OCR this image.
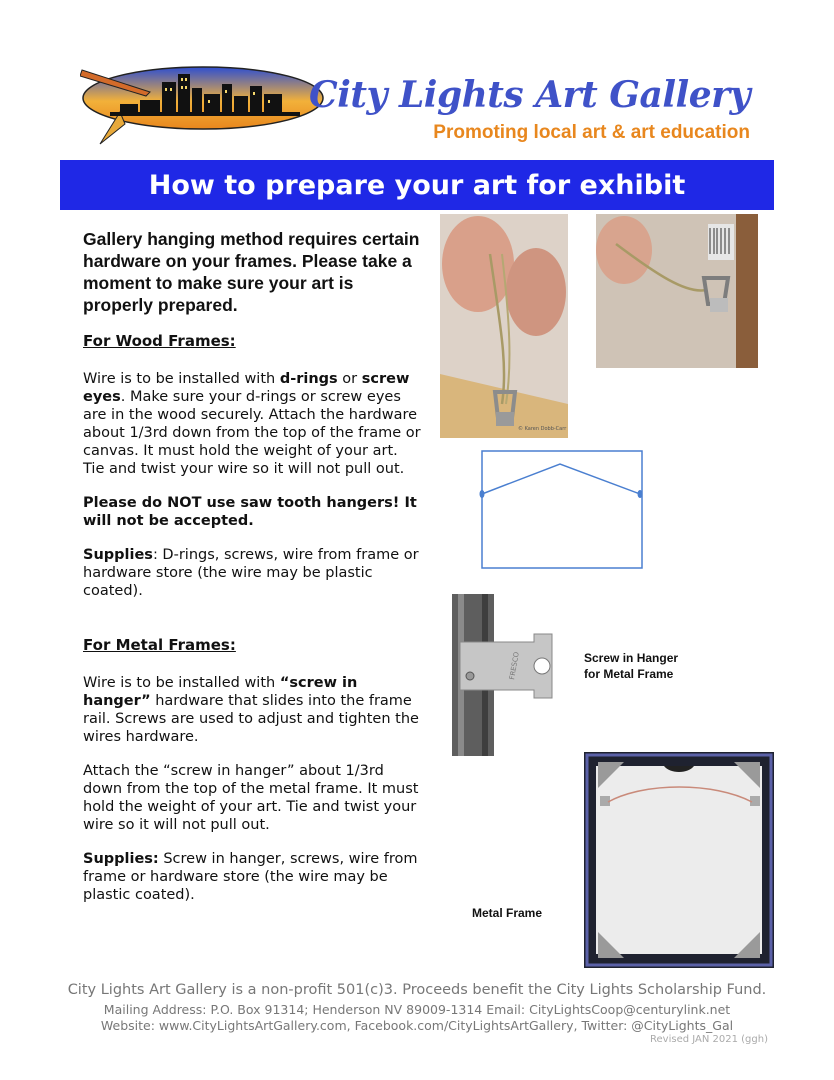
City Lights Art Gallery
Promoting local art & art education
How to prepare your art for exhibit

Gallery hanging method requires certain hardware on your frames. Please take a moment to make sure your art is properly prepared.

For Wood Frames:

Wire is to be installed with d-rings or screw eyes. Make sure your d-rings or screw eyes are in the wood securely. Attach the hardware about 1/3rd down from the top of the frame or canvas. It must hold the weight of your art. Tie and twist your wire so it will not pull out.

Please do NOT use saw tooth hangers! It will not be accepted.

Supplies: D-rings, screws, wire from frame or hardware store (the wire may be plastic coated).

For Metal Frames:

Wire is to be installed with “screw in hanger” hardware that slides into the frame rail. Screws are used to adjust and tighten the wires hardware.

Attach the “screw in hanger” about 1/3rd down from the top of the metal frame. It must hold the weight of your art. Tie and twist your wire so it will not pull out.

Supplies: Screw in hanger, screws, wire from frame or hardware store (the wire may be plastic coated).

© Karen Dobb-Carr
FRESCO	Screw in Hanger
for Metal Frame
Metal Frame
City Lights Art Gallery is a non-profit 501(c)3. Proceeds benefit the City Lights Scholarship Fund.
Mailing Address: P.O. Box 91314; Henderson NV 89009-1314 Email: CityLightsCoop@centurylink.net
Website: www.CityLightsArtGallery.com, Facebook.com/CityLightsArtGallery, Twitter: @CityLights_Gal
Revised JAN 2021 (ggh)
